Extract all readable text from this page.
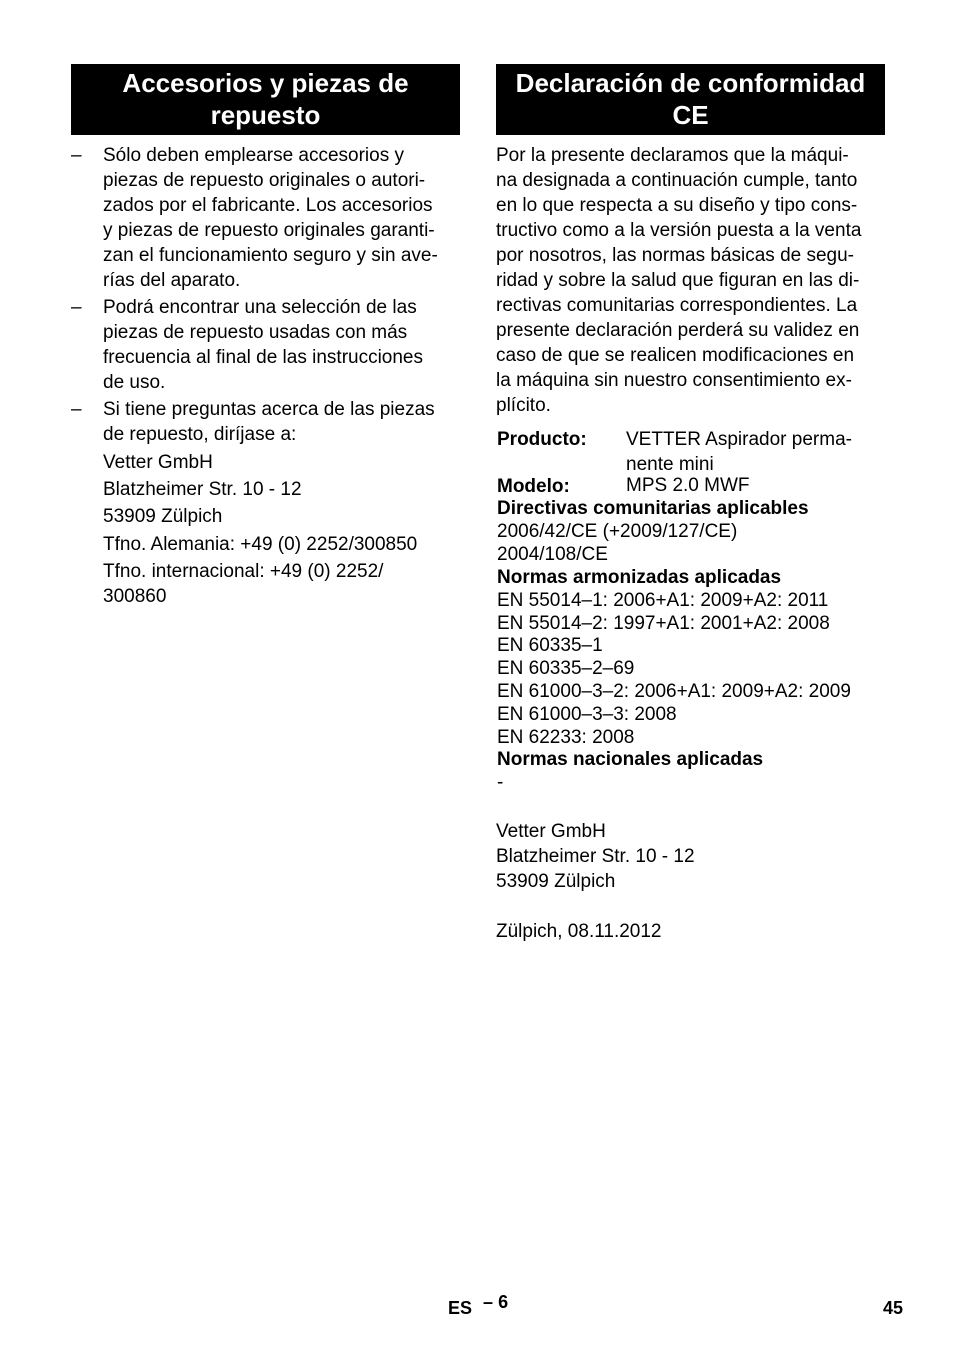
Accesorios y piezas de
repuesto
–	Sólo deben emplearse accesorios y
piezas de repuesto originales o autori-
zados por el fabricante. Los accesorios
y piezas de repuesto originales garanti-
zan el funcionamiento seguro y sin ave-
rías del aparato.
–	Podrá encontrar una selección de las
piezas de repuesto usadas con más
frecuencia al final de las instrucciones
de uso.
–	Si tiene preguntas acerca de las piezas
de repuesto, diríjase a:
Vetter GmbH
Blatzheimer Str. 10 - 12
53909 Zülpich
Tfno. Alemania: +49 (0) 2252/300850
Tfno. internacional: +49 (0) 2252/
300860
Declaración de conformidad
CE
Por la presente declaramos que la máqui-
na designada a continuación cumple, tanto
en lo que respecta a su diseño y tipo cons-
tructivo como a la versión puesta a la venta
por nosotros, las normas básicas de segu-
ridad y sobre la salud que figuran en las di-
rectivas comunitarias correspondientes. La
presente declaración perderá su validez en
caso de que se realicen modificaciones en
la máquina sin nuestro consentimiento ex-
plícito.
Producto: VETTER Aspirador perma-
nente mini
Modelo:	MPS 2.0 MWF
Directivas comunitarias aplicables
2006/42/CE (+2009/127/CE)
2004/108/CE
Normas armonizadas aplicadas
EN 55014–1: 2006+A1: 2009+A2: 2011
EN 55014–2: 1997+A1: 2001+A2: 2008
EN 60335–1
EN 60335–2–69
EN 61000–3–2: 2006+A1: 2009+A2: 2009
EN 61000–3–3: 2008
EN 62233: 2008
Normas nacionales aplicadas
-
Vetter GmbH
Blatzheimer Str. 10 - 12
53909 Zülpich
Zülpich, 08.11.2012
ES – 6	45
